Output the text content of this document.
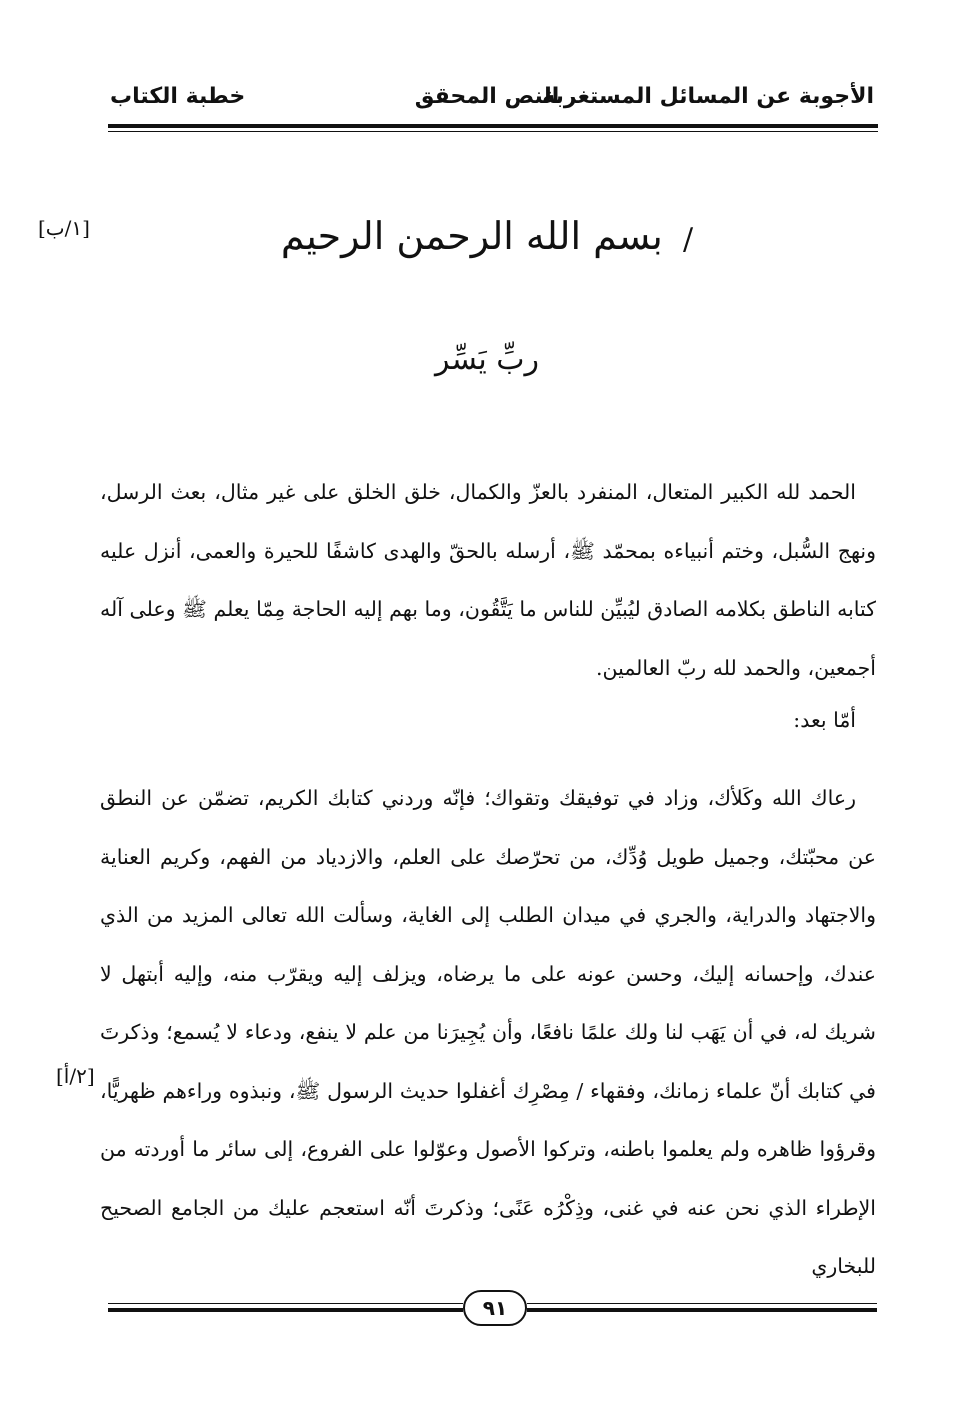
الأجوبة عن المسائل المستغربة
النص المحقق
خطبة الكتاب
/ بسم الله الرحمن الرحيم
[١/ب]
ربِّ يَسِّر
الحمد لله الكبير المتعال، المنفرد بالعزّ والكمال، خلق الخلق على غير مثال، بعث الرسل، ونهج السُّبل، وختم أنبياءه بمحمّد ﷺ، أرسله بالحقّ والهدى كاشفًا للحيرة والعمى، أنزل عليه كتابه الناطق بكلامه الصادق ليُبيِّن للناس ما يَتَّقُون، وما بهم إليه الحاجة مِمّا يعلم ﷺ وعلى آله أجمعين، والحمد لله ربّ العالمين.
أمّا بعد:
رعاك الله وكَلأك، وزاد في توفيقك وتقواك؛ فإنّه وردني كتابك الكريم، تضمّن عن النطق عن محبّتك، وجميل طويل وُدِّك، من تحرّصك على العلم، والازدياد من الفهم، وكريم العناية والاجتهاد والدراية، والجري في ميدان الطلب إلى الغاية، وسألت الله تعالى المزيد من الذي عندك، وإحسانه إليك، وحسن عونه على ما يرضاه، ويزلف إليه ويقرّب منه، وإليه أبتهل لا شريك له، في أن يَهَب لنا ولك علمًا نافعًا، وأن يُجِيرَنا من علم لا ينفع، ودعاء لا يُسمع؛ وذكرتَ في كتابك أنّ علماء زمانك، وفقهاء / مِصْرِك أغفلوا حديث الرسول ﷺ، ونبذوه وراءهم ظهريًّا، وقرؤوا ظاهره ولم يعلموا باطنه، وتركوا الأصول وعوّلوا على الفروع، إلى سائر ما أوردته من الإطراء الذي نحن عنه في غنى، وذِكْرُه عَنًى؛ وذكرتَ أنّه استعجم عليك من الجامع الصحيح للبخاري
[٢/أ]
٩١
